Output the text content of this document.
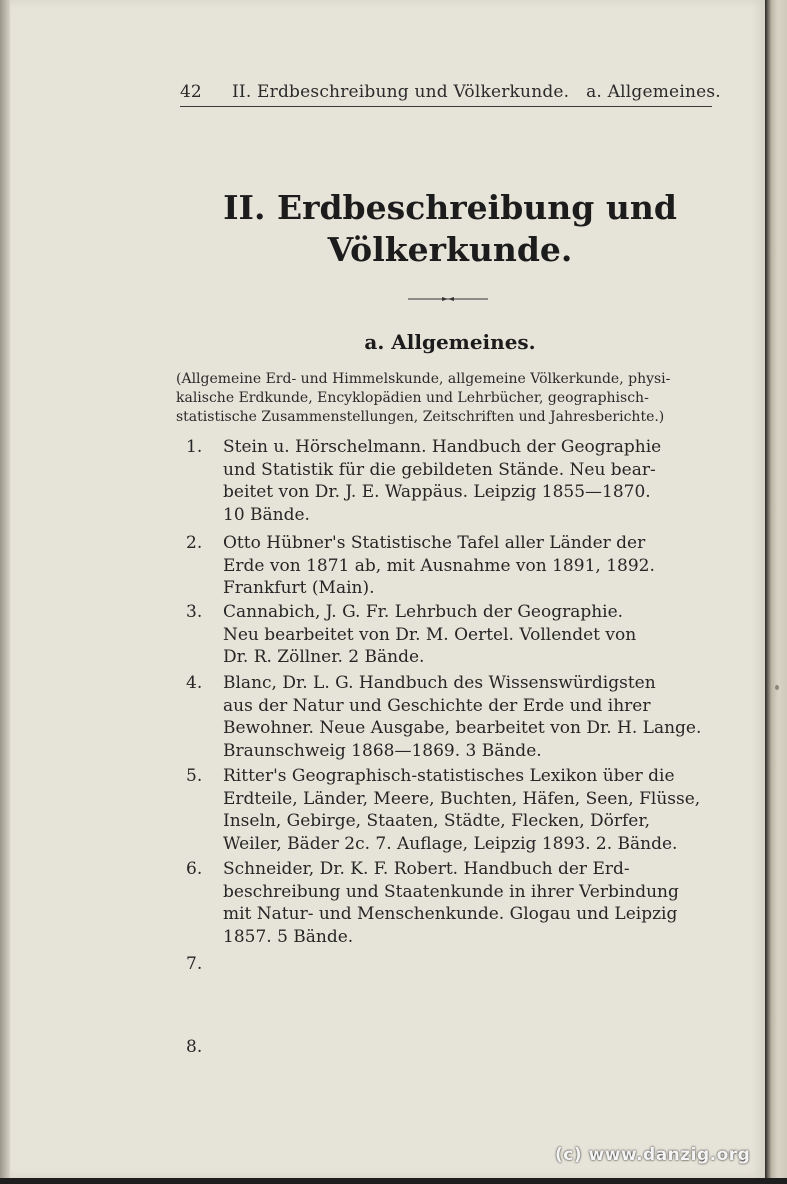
42 II. Erdbeschreibung und Völkerkunde.   a. Allgemeines.
II. Erdbeschreibung und
Völkerkunde.
a. Allgemeines.
(Allgemeine Erd- und Himmelskunde, allgemeine Völkerkunde, physi-
kalische Erdkunde, Encyklopädien und Lehrbücher, geographisch-
statistische Zusammenstellungen, Zeitschriften und Jahresberichte.)
1.	Stein u. Hörschelmann. Handbuch der Geographie
und Statistik für die gebildeten Stände. Neu bear-
beitet von Dr. J. E. Wappäus. Leipzig 1855—1870.
10 Bände.
2.	Otto Hübner's Statistische Tafel aller Länder der
Erde von 1871 ab, mit Ausnahme von 1891, 1892.
Frankfurt (Main).
3.	Cannabich, J. G. Fr. Lehrbuch der Geographie.
Neu bearbeitet von Dr. M. Oertel. Vollendet von
Dr. R. Zöllner. 2 Bände.
4.	Blanc, Dr. L. G. Handbuch des Wissenswürdigsten
aus der Natur und Geschichte der Erde und ihrer
Bewohner. Neue Ausgabe, bearbeitet von Dr. H. Lange.
Braunschweig 1868—1869. 3 Bände.
5.	Ritter's Geographisch-statistisches Lexikon über die
Erdteile, Länder, Meere, Buchten, Häfen, Seen, Flüsse,
Inseln, Gebirge, Staaten, Städte, Flecken, Dörfer,
Weiler, Bäder 2c. 7. Auflage, Leipzig 1893. 2. Bände.
6.	Schneider, Dr. K. F. Robert. Handbuch der Erd-
beschreibung und Staatenkunde in ihrer Verbindung
mit Natur- und Menschenkunde. Glogau und Leipzig
1857. 5 Bände.
7.
8.
(c) www.danzig.org
